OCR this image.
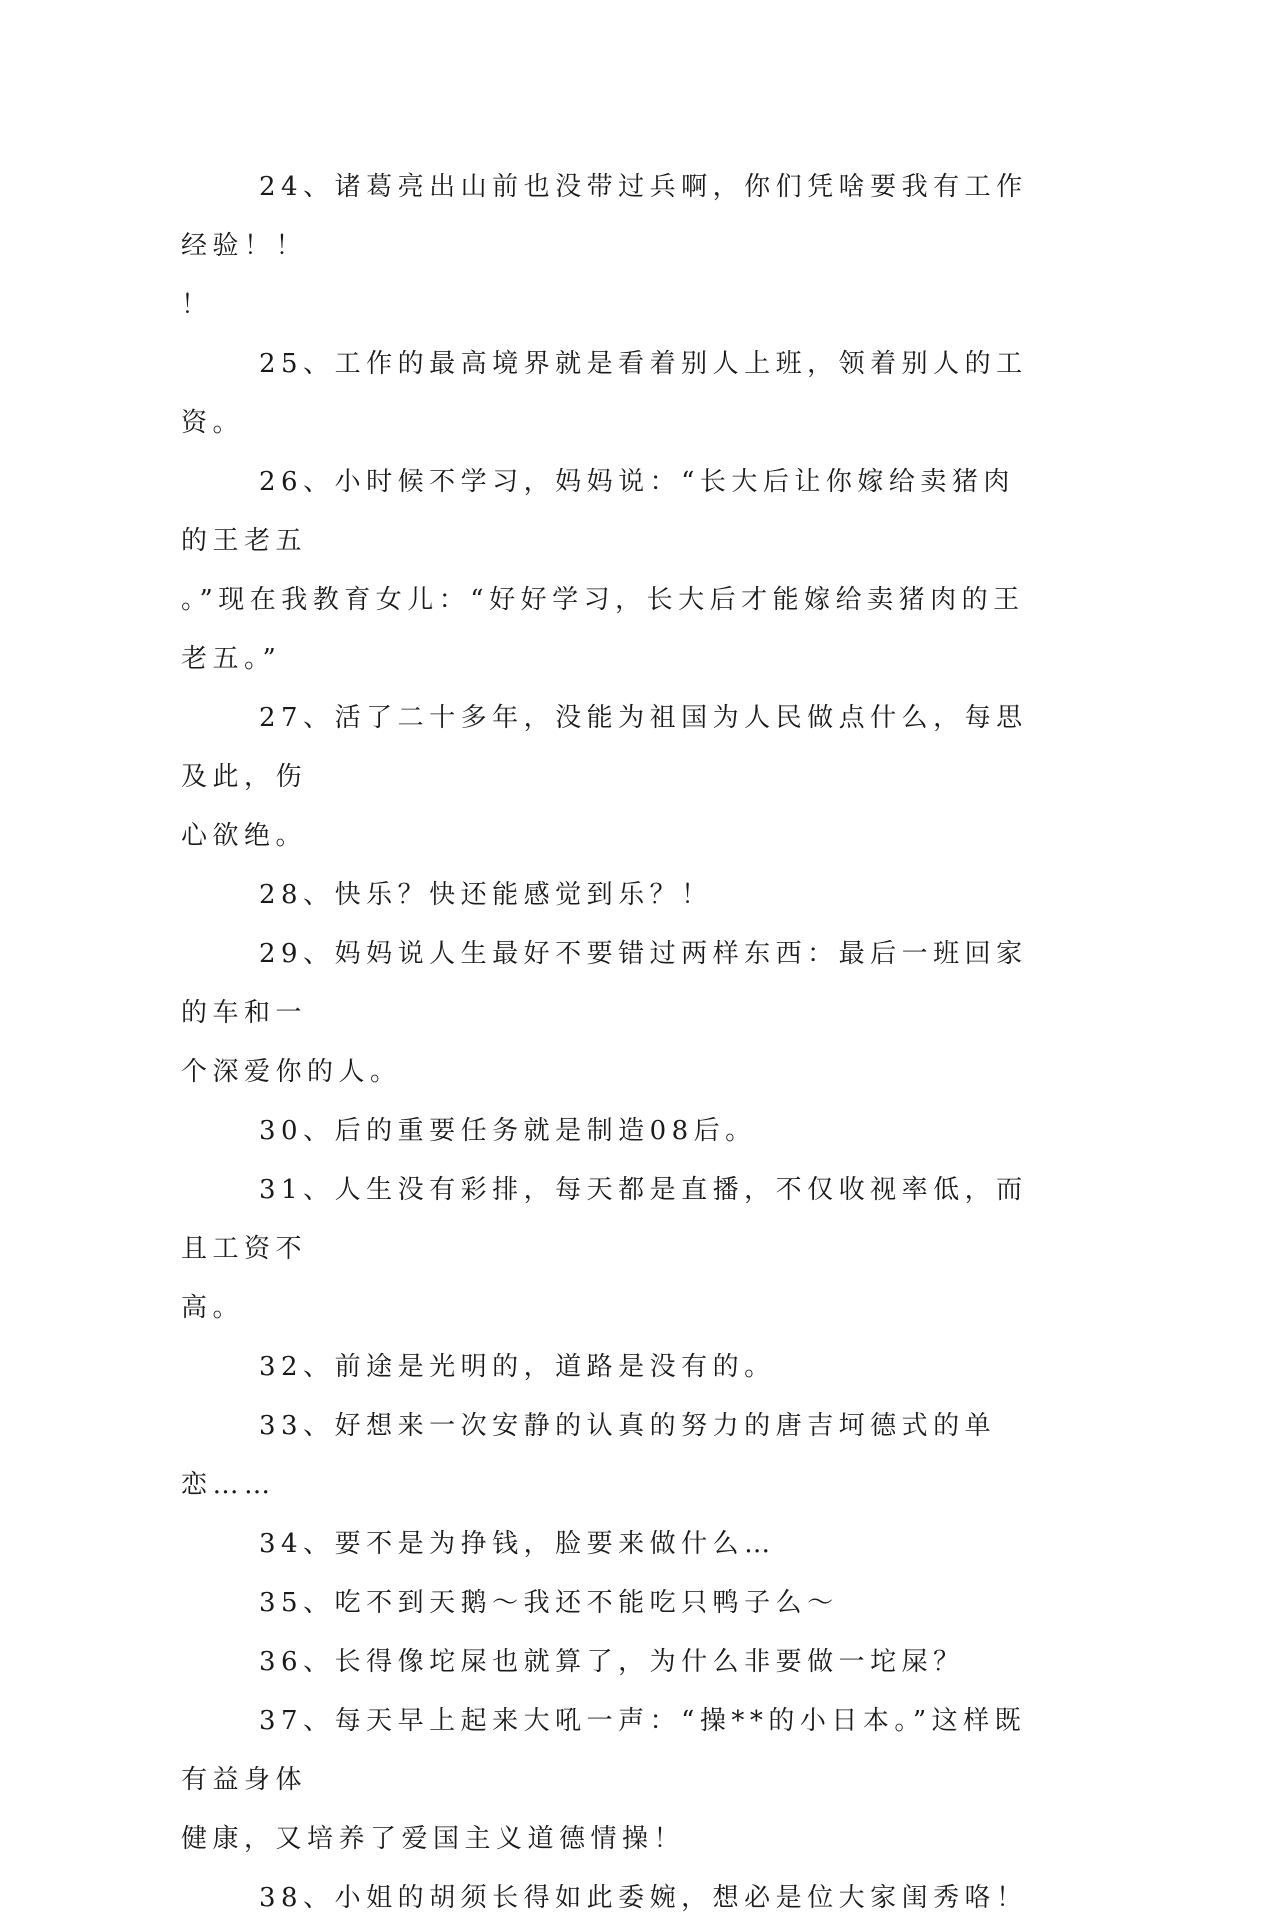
24、诸葛亮出山前也没带过兵啊，你们凭啥要我有工作经验！！
！

25、工作的最高境界就是看着别人上班，领着别人的工资。

26、小时候不学习，妈妈说：“长大后让你嫁给卖猪肉的王老五
。”现在我教育女儿：“好好学习，长大后才能嫁给卖猪肉的王老五。”

27、活了二十多年，没能为祖国为人民做点什么，每思及此，伤
心欲绝。

28、快乐？快还能感觉到乐？！

29、妈妈说人生最好不要错过两样东西：最后一班回家的车和一
个深爱你的人。

30、后的重要任务就是制造08后。

31、人生没有彩排，每天都是直播，不仅收视率低，而且工资不
高。

32、前途是光明的，道路是没有的。

33、好想来一次安静的认真的努力的唐吉坷德式的单恋……

34、要不是为挣钱，脸要来做什么…

35、吃不到天鹅～我还不能吃只鸭子么～

36、长得像坨屎也就算了，为什么非要做一坨屎？

37、每天早上起来大吼一声：“操**的小日本。”这样既有益身体
健康，又培养了爱国主义道德情操！

38、小姐的胡须长得如此委婉，想必是位大家闺秀咯！
